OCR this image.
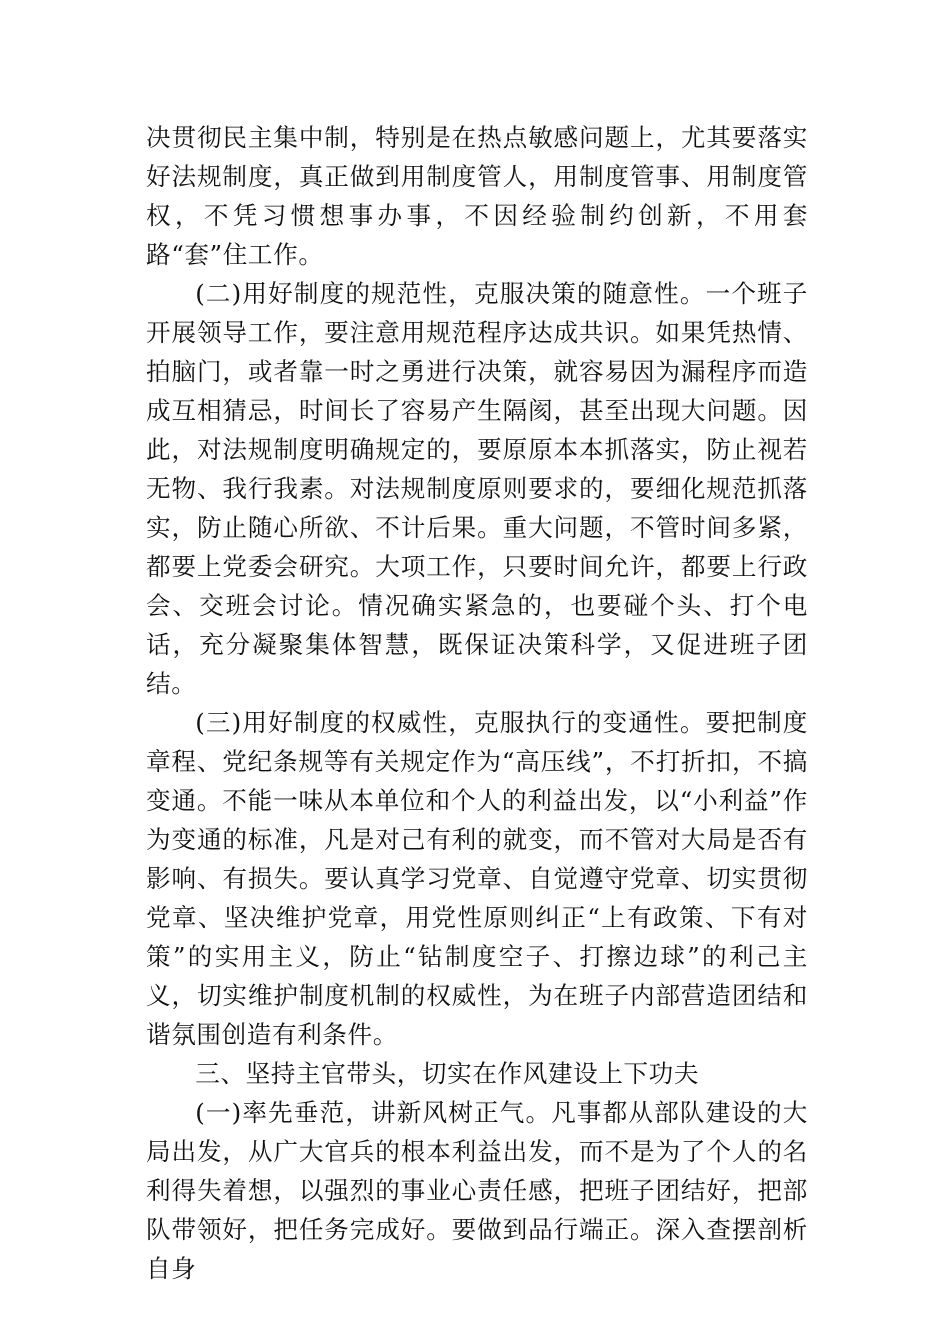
决贯彻民主集中制，特别是在热点敏感问题上，尤其要落实好法规制度，真正做到用制度管人，用制度管事、用制度管权，不凭习惯想事办事，不因经验制约创新，不用套路“套”住工作。

(二)用好制度的规范性，克服决策的随意性。一个班子开展领导工作，要注意用规范程序达成共识。如果凭热情、拍脑门，或者靠一时之勇进行决策，就容易因为漏程序而造成互相猜忌，时间长了容易产生隔阂，甚至出现大问题。因此，对法规制度明确规定的，要原原本本抓落实，防止视若无物、我行我素。对法规制度原则要求的，要细化规范抓落实，防止随心所欲、不计后果。重大问题，不管时间多紧，都要上党委会研究。大项工作，只要时间允许，都要上行政会、交班会讨论。情况确实紧急的，也要碰个头、打个电话，充分凝聚集体智慧，既保证决策科学，又促进班子团结。

(三)用好制度的权威性，克服执行的变通性。要把制度章程、党纪条规等有关规定作为“高压线”，不打折扣，不搞变通。不能一味从本单位和个人的利益出发，以“小利益”作为变通的标准，凡是对己有利的就变，而不管对大局是否有影响、有损失。要认真学习党章、自觉遵守党章、切实贯彻党章、坚决维护党章，用党性原则纠正“上有政策、下有对策”的实用主义，防止“钻制度空子、打擦边球”的利己主义，切实维护制度机制的权威性，为在班子内部营造团结和谐氛围创造有利条件。

三、坚持主官带头，切实在作风建设上下功夫

(一)率先垂范，讲新风树正气。凡事都从部队建设的大局出发，从广大官兵的根本利益出发，而不是为了个人的名利得失着想，以强烈的事业心责任感，把班子团结好，把部队带领好，把任务完成好。要做到品行端正。深入查摆剖析自身
